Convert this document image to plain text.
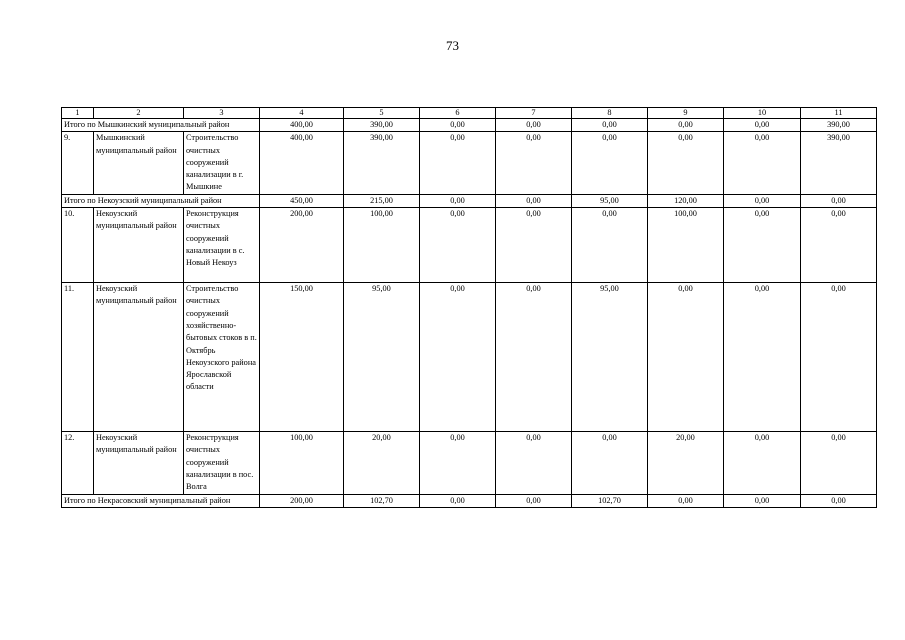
73
1	2	3	4	5	6	7	8	9	10	11
Итого по Мышкинский муниципальный район			400,00	390,00	0,00	0,00	0,00	0,00	0,00	390,00
9.	Мышкинский муниципальный район	Строительство очистных сооружений канализации в г. Мышкине	400,00	390,00	0,00	0,00	0,00	0,00	0,00	390,00
Итого по Некоузский муниципальный район			450,00	215,00	0,00	0,00	95,00	120,00	0,00	0,00
10.	Некоузский муниципальный район	Реконструкция очистных сооружений канализации в с. Новый Некоуз	200,00	100,00	0,00	0,00	0,00	100,00	0,00	0,00
11.	Некоузский муниципальный район	Строительство очистных сооружений хозяйственно-бытовых стоков в п. Октябрь Некоузского района Ярославской области	150,00	95,00	0,00	0,00	95,00	0,00	0,00	0,00
12.	Некоузский муниципальный район	Реконструкция очистных сооружений канализации в пос. Волга	100,00	20,00	0,00	0,00	0,00	20,00	0,00	0,00
Итого по Некрасовский муниципальный район			200,00	102,70	0,00	0,00	102,70	0,00	0,00	0,00
